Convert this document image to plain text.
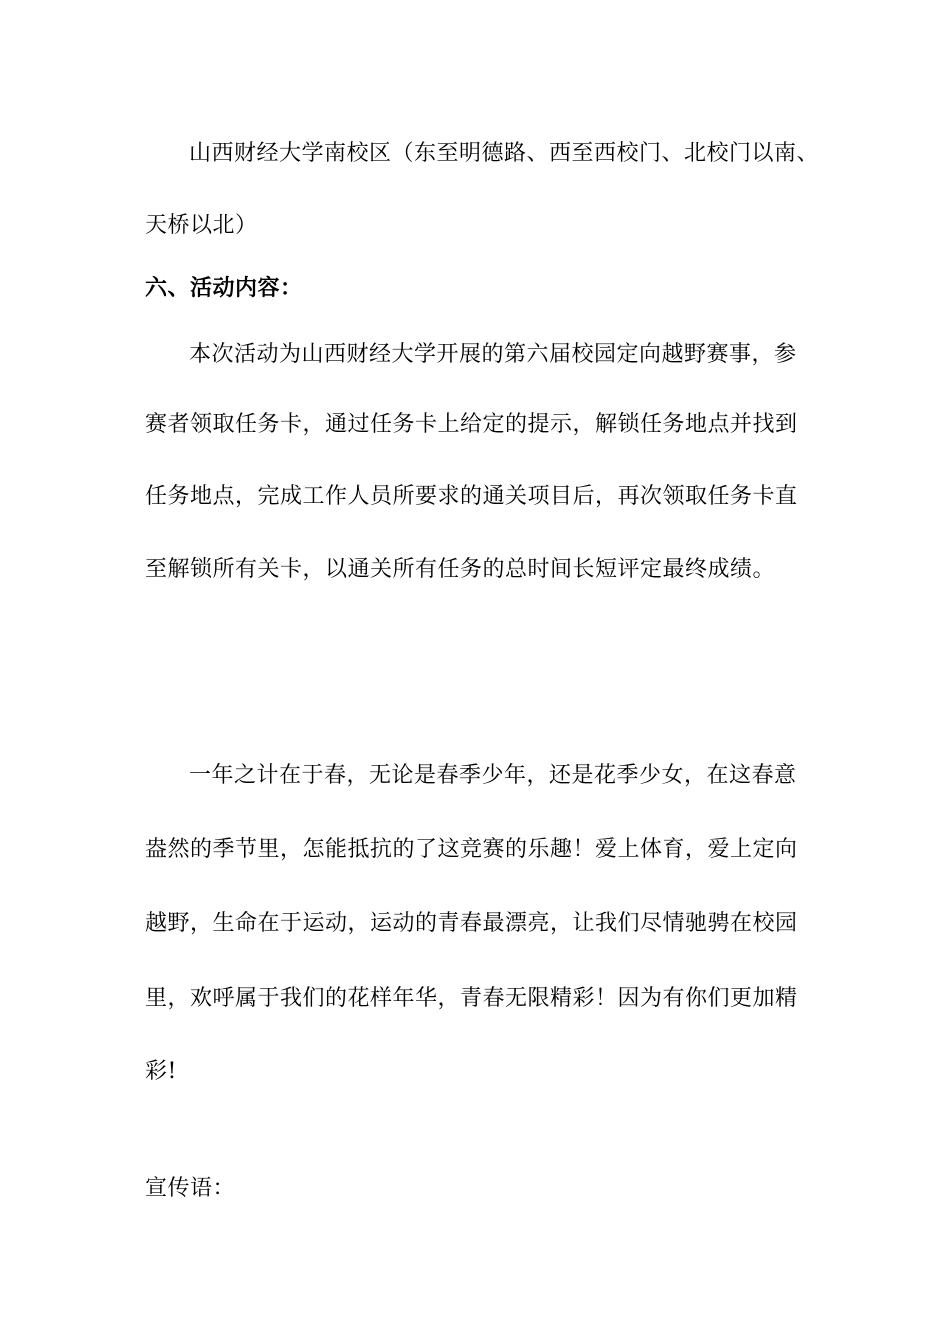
山西财经大学南校区（东至明德路、西至西校门、北校门以南、
天桥以北）
六、活动内容：
本次活动为山西财经大学开展的第六届校园定向越野赛事，参
赛者领取任务卡，通过任务卡上给定的提示，解锁任务地点并找到
任务地点，完成工作人员所要求的通关项目后，再次领取任务卡直
至解锁所有关卡，以通关所有任务的总时间长短评定最终成绩。
一年之计在于春，无论是春季少年，还是花季少女，在这春意
盎然的季节里，怎能抵抗的了这竞赛的乐趣！爱上体育，爱上定向
越野，生命在于运动，运动的青春最漂亮，让我们尽情驰骋在校园
里，欢呼属于我们的花样年华，青春无限精彩！因为有你们更加精
彩!
宣传语：
